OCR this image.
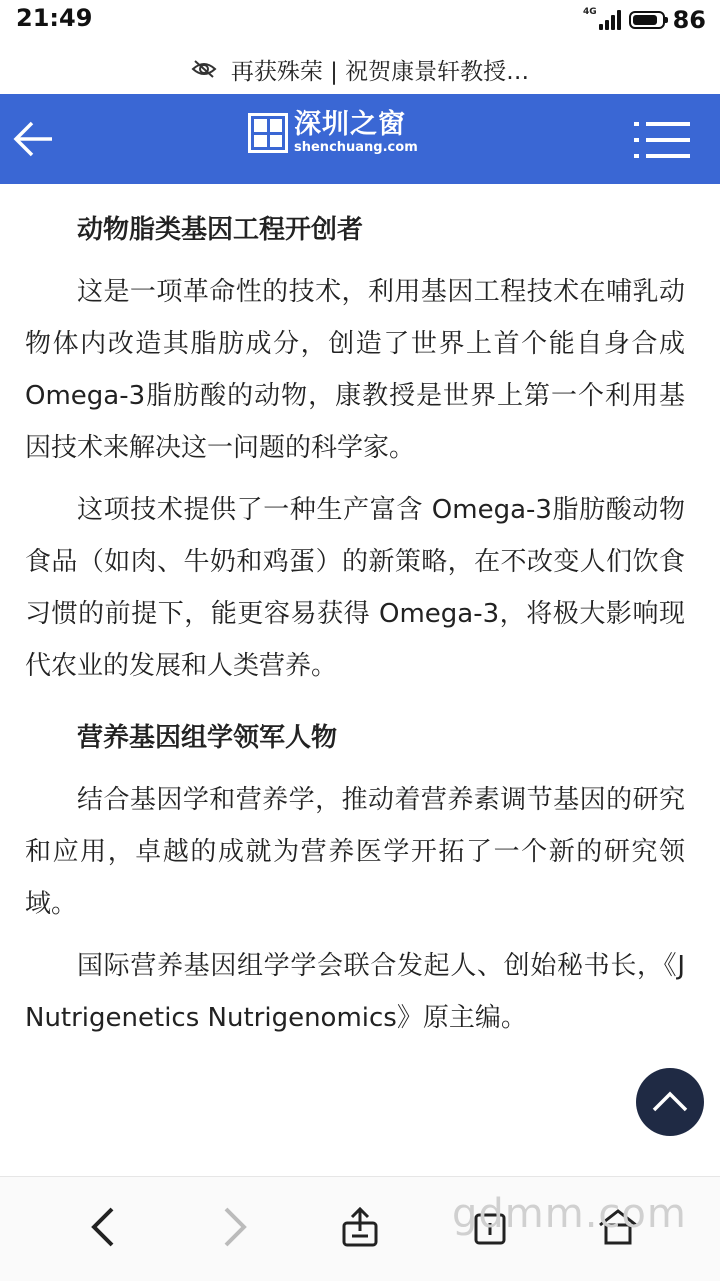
21:49	4G	86
再获殊荣 | 祝贺康景轩教授…
深圳之窗
shenchuang.com

动物脂类基因工程开创者

这是一项革命性的技术，利用基因工程技术在哺乳动物体内改造其脂肪成分，创造了世界上首个能自身合成 Omega-3脂肪酸的动物，康教授是世界上第一个利用基因技术来解决这一问题的科学家。

这项技术提供了一种生产富含 Omega-3脂肪酸动物食品（如肉、牛奶和鸡蛋）的新策略，在不改变人们饮食习惯的前提下，能更容易获得 Omega-3，将极大影响现代农业的发展和人类营养。

营养基因组学领军人物

结合基因学和营养学，推动着营养素调节基因的研究和应用，卓越的成就为营养医学开拓了一个新的研究领域。

国际营养基因组学学会联合发起人、创始秘书长，《J Nutrigenetics Nutrigenomics》原主编。

gdmm.com
